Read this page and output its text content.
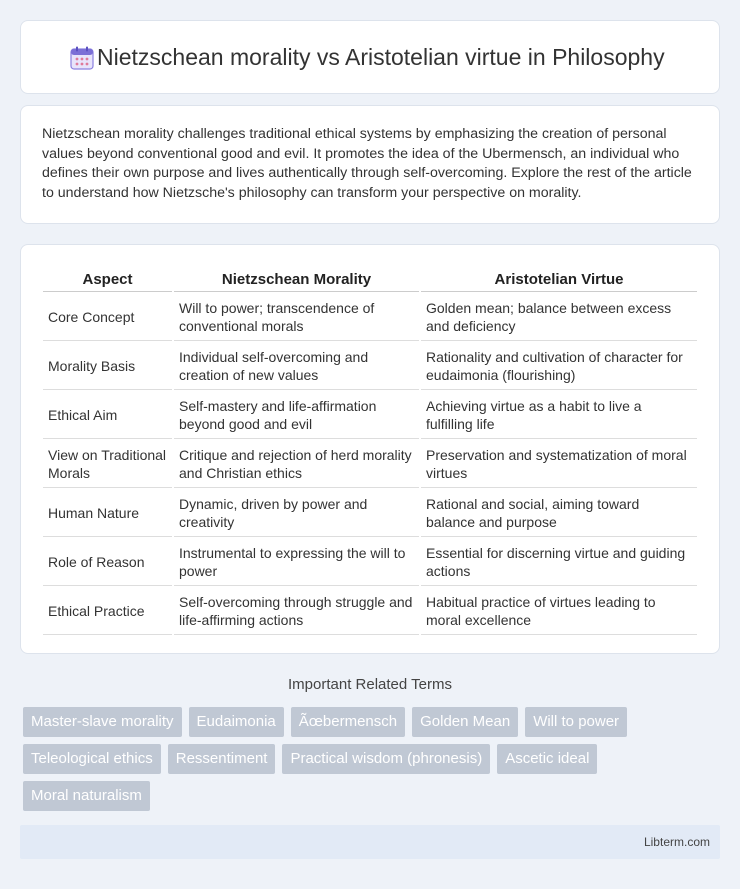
Nietzschean morality vs Aristotelian virtue in Philosophy

Nietzschean morality challenges traditional ethical systems by emphasizing the creation of personal values beyond conventional good and evil. It promotes the idea of the Ubermensch, an individual who defines their own purpose and lives authentically through self-overcoming. Explore the rest of the article to understand how Nietzsche's philosophy can transform your perspective on morality.

Aspect	Nietzschean Morality	Aristotelian Virtue
Core Concept	Will to power; transcendence of conventional morals	Golden mean; balance between excess and deficiency
Morality Basis	Individual self-overcoming and creation of new values	Rationality and cultivation of character for eudaimonia (flourishing)
Ethical Aim	Self-mastery and life-affirmation beyond good and evil	Achieving virtue as a habit to live a fulfilling life
View on Traditional Morals	Critique and rejection of herd morality and Christian ethics	Preservation and systematization of moral virtues
Human Nature	Dynamic, driven by power and creativity	Rational and social, aiming toward balance and purpose
Role of Reason	Instrumental to expressing the will to power	Essential for discerning virtue and guiding actions
Ethical Practice	Self-overcoming through struggle and life-affirming actions	Habitual practice of virtues leading to moral excellence
Important Related Terms
Master-slave morality	Eudaimonia	Ãœbermensch	Golden Mean	Will to power
Teleological ethics	Ressentiment	Practical wisdom (phronesis)	Ascetic ideal
Moral naturalism
Libterm.com
